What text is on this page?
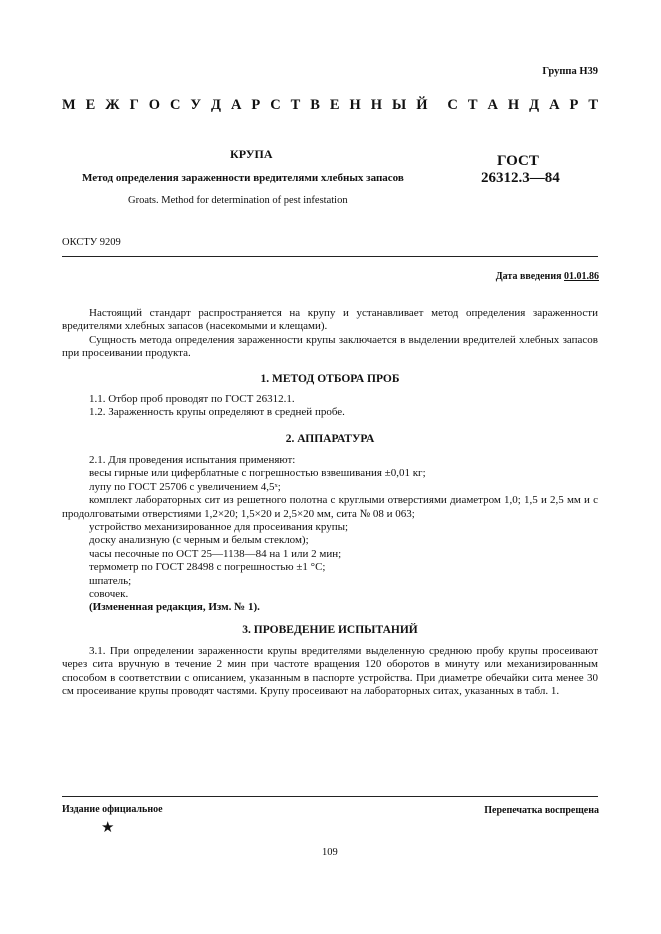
Группа Н39
М Е Ж Г О С У Д А Р С Т В Е Н Н Ы Й С Т А Н Д А Р Т
КРУПА
Метод определения зараженности вредителями хлебных запасов
ГОСТ
26312.3—84
Groats. Method for determination of pest infestation
ОКСТУ 9209
Дата введения 01.01.86

Настоящий стандарт распространяется на крупу и устанавливает метод определения зараженности вредителями хлебных запасов (насекомыми и клещами).

Сущность метода определения зараженности крупы заключается в выделении вредителей хлебных запасов при просеивании продукта.

1. МЕТОД ОТБОРА ПРОБ

1.1. Отбор проб проводят по ГОСТ 26312.1.

1.2. Зараженность крупы определяют в средней пробе.

2. АППАРАТУРА

2.1. Для проведения испытания применяют:

весы гирные или циферблатные с погрешностью взвешивания ±0,01 кг;

лупу по ГОСТ 25706 с увеличением 4,5ˣ;

комплект лабораторных сит из решетного полотна с круглыми отверстиями диаметром 1,0; 1,5 и 2,5 мм и с продолговатыми отверстиями 1,2×20; 1,5×20 и 2,5×20 мм, сита № 08 и 063;

устройство механизированное для просеивания крупы;

доску анализную (с черным и белым стеклом);

часы песочные по ОСТ 25—1138—84 на 1 или 2 мин;

термометр по ГОСТ 28498 с погрешностью ±1 °С;

шпатель;

совочек.

(Измененная редакция, Изм. № 1).

3. ПРОВЕДЕНИЕ ИСПЫТАНИЙ

3.1. При определении зараженности крупы вредителями выделенную среднюю пробу крупы просеивают через сита вручную в течение 2 мин при частоте вращения 120 оборотов в минуту или механизированным способом в соответствии с описанием, указанным в паспорте устройства. При диаметре обечайки сита менее 30 см просеивание крупы проводят частями. Крупу просеивают на лабораторных ситах, указанных в табл. 1.

Издание официальное	Перепечатка воспрещена
★
109
